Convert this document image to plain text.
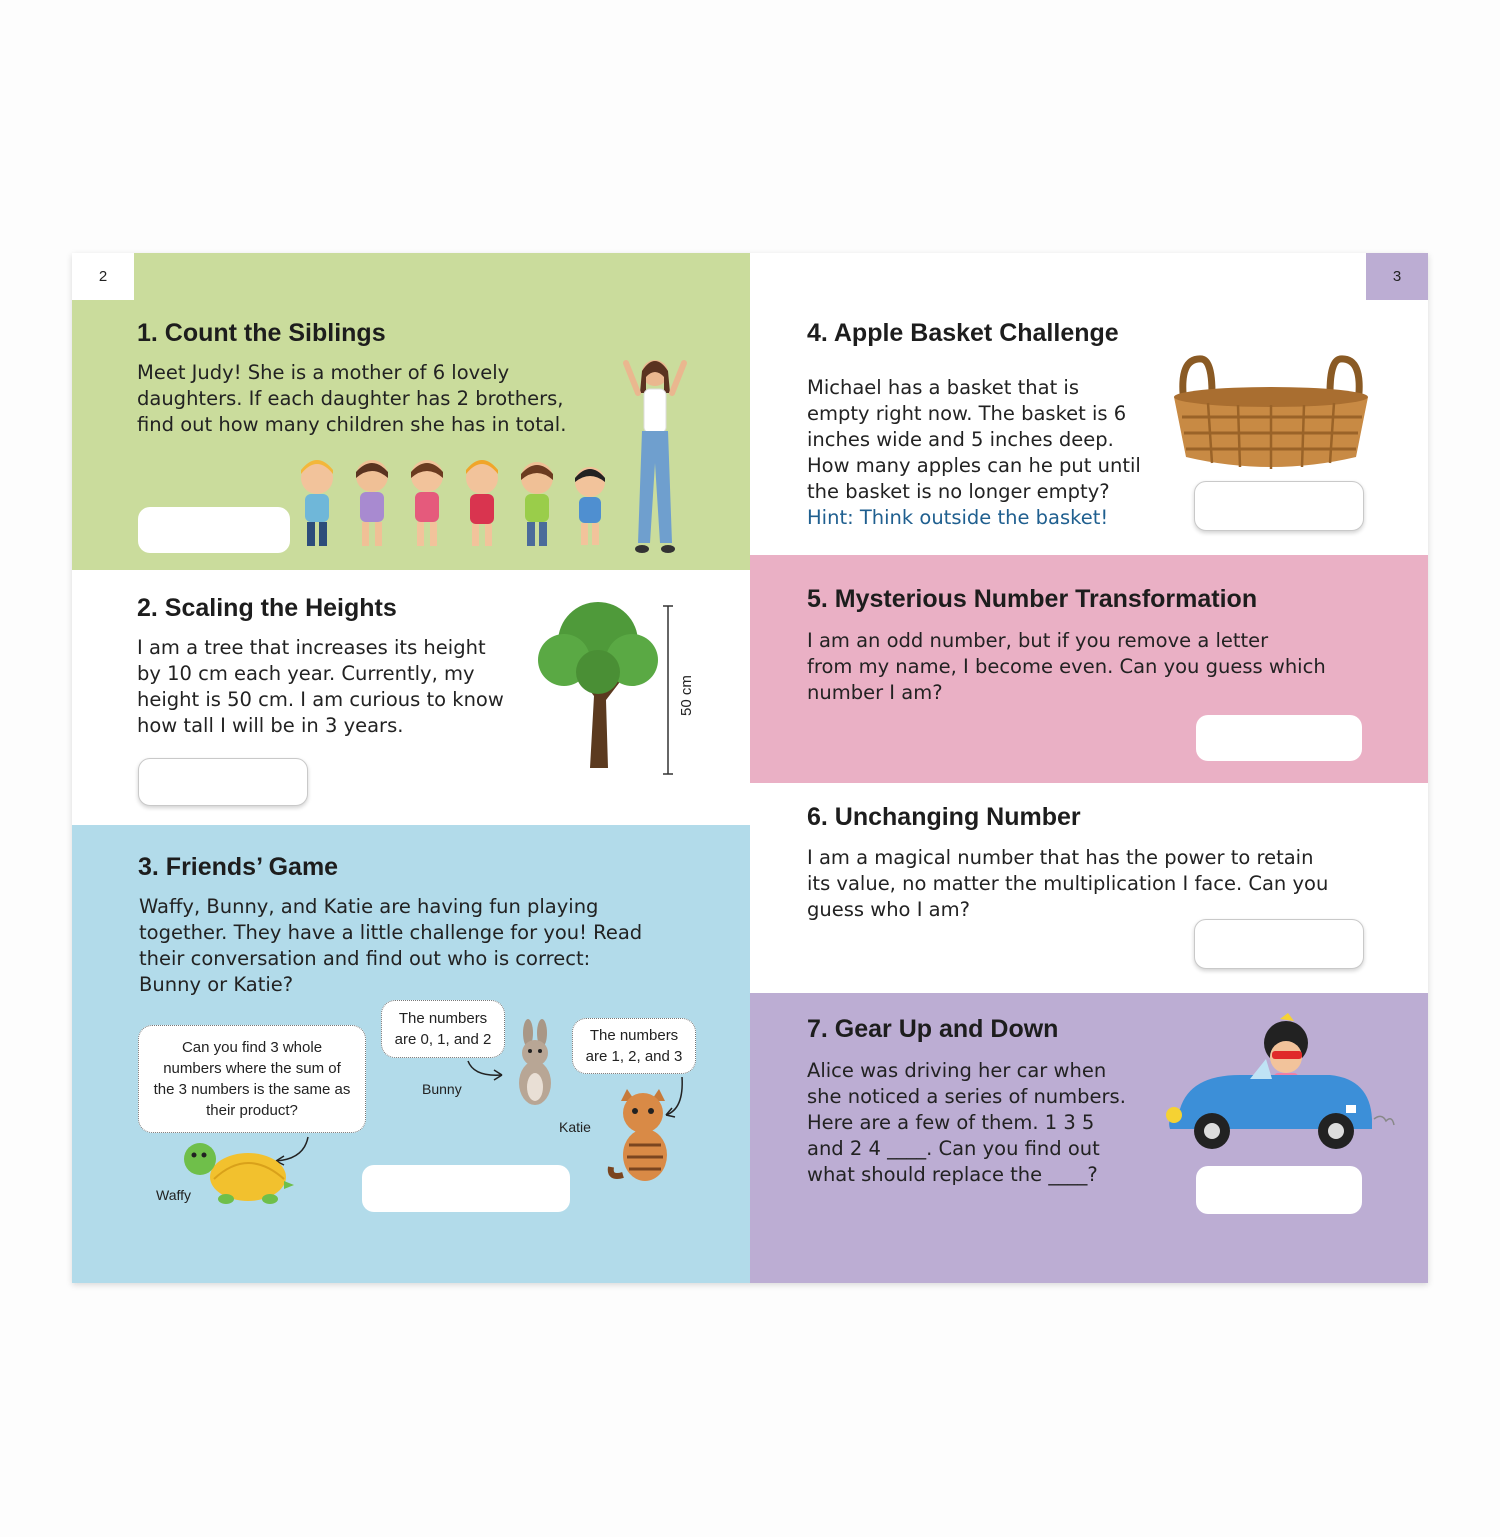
2
1. Count the Siblings
Meet Judy! She is a mother of 6 lovely
daughters. If each daughter has 2 brothers,
find out how many children she has in total.
2. Scaling the Heights
I am a tree that increases its height
by 10 cm each year. Currently, my
height is 50 cm. I am curious to know
how tall I will be in 3 years.
50 cm
3. Friends’ Game
Waffy, Bunny, and Katie are having fun playing
together. They have a little challenge for you! Read
their conversation and find out who is correct:
Bunny or Katie?
Can you find 3 whole
numbers where the sum of
the 3 numbers is the same as
their product?
The numbers
are 0, 1, and 2	The numbers
are 1, 2, and 3
Bunny
Katie
Waffy
3
4. Apple Basket Challenge
Michael has a basket that is
empty right now. The basket is 6
inches wide and 5 inches deep.
How many apples can he put until
the basket is no longer empty?
Hint: Think outside the basket!
5. Mysterious Number Transformation
I am an odd number, but if you remove a letter
from my name, I become even. Can you guess which
number I am?
6. Unchanging Number
I am a magical number that has the power to retain
its value, no matter the multiplication I face. Can you
guess who I am?
7. Gear Up and Down
Alice was driving her car when
she noticed a series of numbers.
Here are a few of them. 1 3 5
and 2 4 ____. Can you find out
what should replace the ____?
